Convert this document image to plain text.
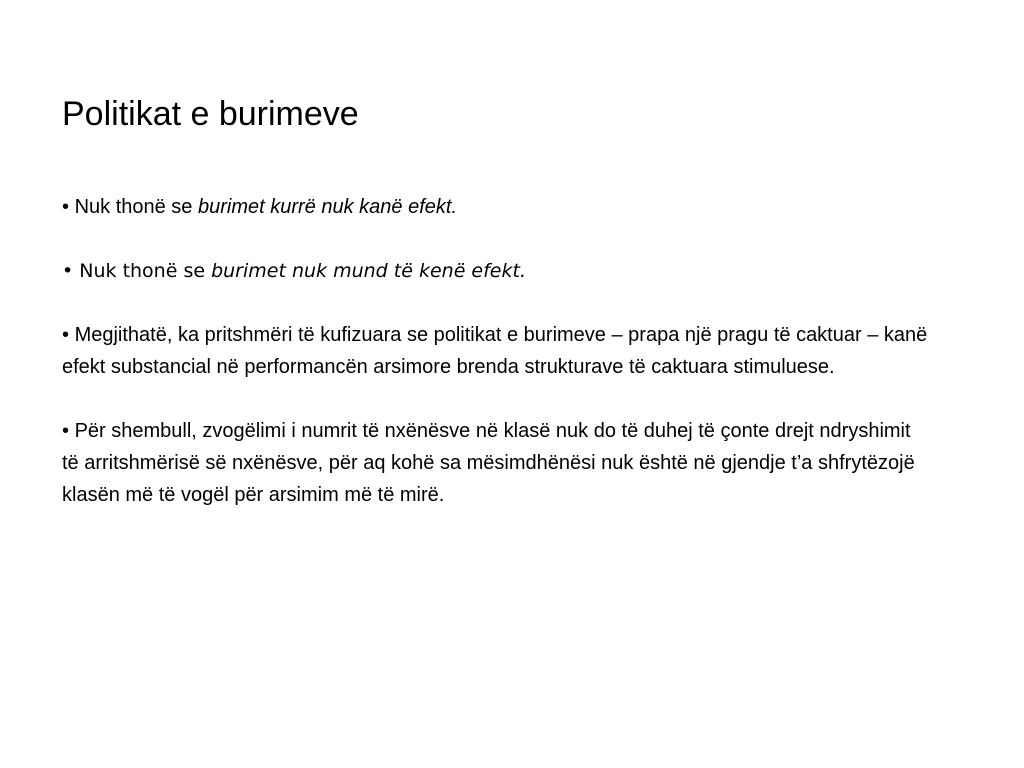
Politikat e burimeve

• Nuk thonë se burimet kurrë nuk kanë efekt.

• Nuk thonë se burimet nuk mund të kenë efekt.

• Megjithatë, ka pritshmëri të kufizuara se politikat e burimeve – prapa një pragu të caktuar – kanë efekt substancial në performancën arsimore brenda strukturave të caktuara stimuluese.

• Për shembull, zvogëlimi i numrit të nxënësve në klasë nuk do të duhej të çonte drejt ndryshimit të arritshmërisë së nxënësve, për aq kohë sa mësimdhënësi nuk është në gjendje t’a shfrytëzojë klasën më të vogël për arsimim më të mirë.
